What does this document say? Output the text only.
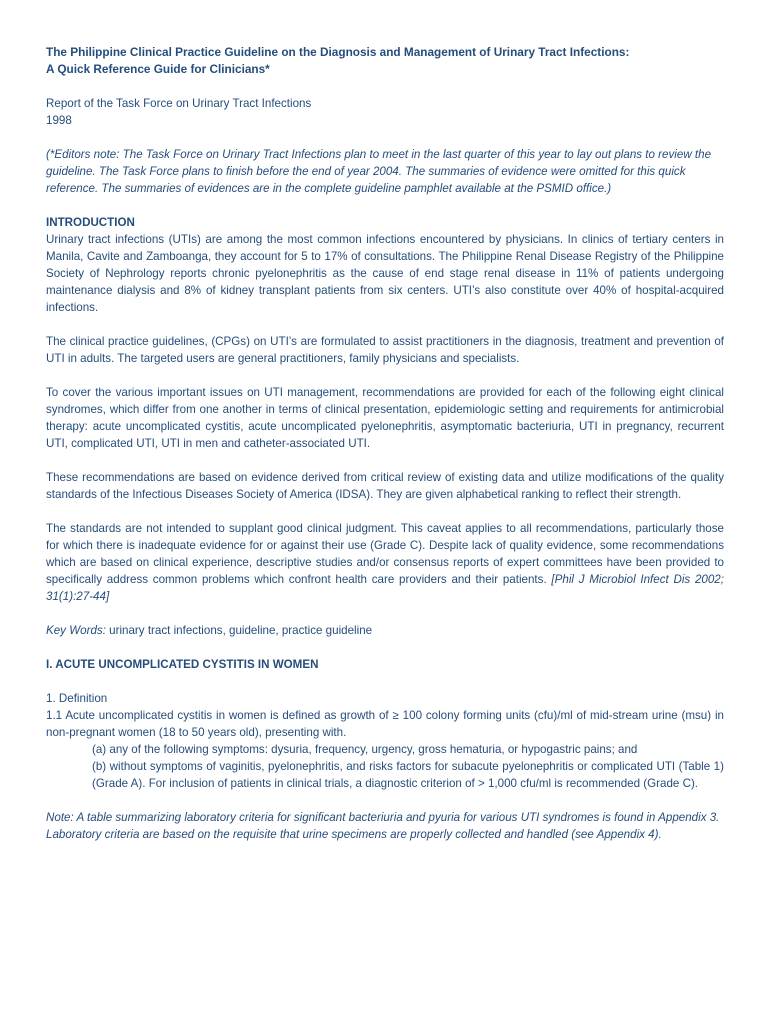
The Philippine Clinical Practice Guideline on the Diagnosis and Management of Urinary Tract Infections:

A Quick Reference Guide for Clinicians*

Report of the Task Force on Urinary Tract Infections

1998

(*Editors note: The Task Force on Urinary Tract Infections plan to meet in the last quarter of this year to lay out plans to review the guideline. The Task Force plans to finish before the end of year 2004. The summaries of evidence were omitted for this quick reference. The summaries of evidences are in the complete guideline pamphlet available at the PSMID office.)

INTRODUCTION

Urinary tract infections (UTIs) are among the most common infections encountered by physicians. In clinics of tertiary centers in Manila, Cavite and Zamboanga, they account for 5 to 17% of consultations. The Philippine Renal Disease Registry of the Philippine Society of Nephrology reports chronic pyelonephritis as the cause of end stage renal disease in 11% of patients undergoing maintenance dialysis and 8% of kidney transplant patients from six centers. UTI’s also constitute over 40% of hospital-acquired infections.

The clinical practice guidelines, (CPGs) on UTI’s are formulated to assist practitioners in the diagnosis, treatment and prevention of UTI in adults. The targeted users are general practitioners, family physicians and specialists.

To cover the various important issues on UTI management, recommendations are provided for each of the following eight clinical syndromes, which differ from one another in terms of clinical presentation, epidemiologic setting and requirements for antimicrobial therapy: acute uncomplicated cystitis, acute uncomplicated pyelonephritis, asymptomatic bacteriuria, UTI in pregnancy, recurrent UTI, complicated UTI, UTI in men and catheter-associated UTI.

These recommendations are based on evidence derived from critical review of existing data and utilize modifications of the quality standards of the Infectious Diseases Society of America (IDSA). They are given alphabetical ranking to reflect their strength.

The standards are not intended to supplant good clinical judgment. This caveat applies to all recommendations, particularly those for which there is inadequate evidence for or against their use (Grade C). Despite lack of quality evidence, some recommendations which are based on clinical experience, descriptive studies and/or consensus reports of expert committees have been provided to specifically address common problems which confront health care providers and their patients. [Phil J Microbiol Infect Dis 2002; 31(1):27-44]

Key Words: urinary tract infections, guideline, practice guideline

I. ACUTE UNCOMPLICATED CYSTITIS IN WOMEN

1. Definition

1.1 Acute uncomplicated cystitis in women is defined as growth of ≥ 100 colony forming units (cfu)/ml of mid-stream urine (msu) in non-pregnant women (18 to 50 years old), presenting with.

(a) any of the following symptoms: dysuria, frequency, urgency, gross hematuria, or hypogastric pains; and

(b) without symptoms of vaginitis, pyelonephritis, and risks factors for subacute pyelonephritis or complicated UTI (Table 1) (Grade A). For inclusion of patients in clinical trials, a diagnostic criterion of > 1,000 cfu/ml is recommended (Grade C).

Note: A table summarizing laboratory criteria for significant bacteriuria and pyuria for various UTI syndromes is found in Appendix 3. Laboratory criteria are based on the requisite that urine specimens are properly collected and handled (see Appendix 4).
